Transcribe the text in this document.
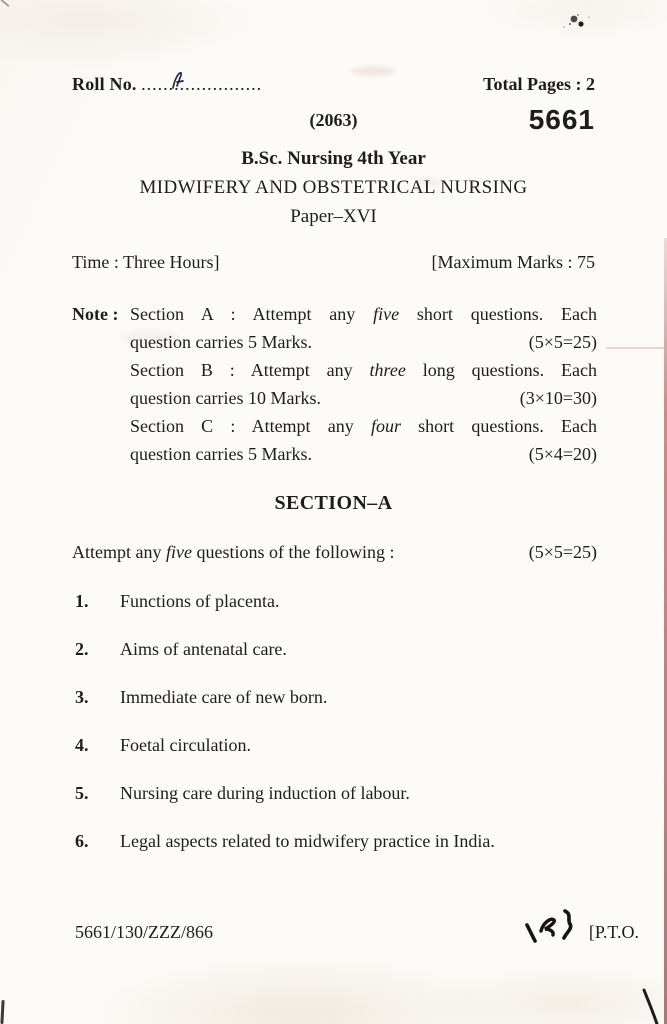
Roll No. ......................	Total Pages : 2
(2063)	5661
B.Sc. Nursing 4th Year
MIDWIFERY AND OBSTETRICAL NURSING
Paper–XVI
Time : Three Hours]	[Maximum Marks : 75
Note : Section A : Attempt any five short questions. Each
question carries 5 Marks.	(5×5=25)
Section B : Attempt any three long questions. Each
question carries 10 Marks.	(3×10=30)
Section C : Attempt any four short questions. Each
question carries 5 Marks.	(5×4=20)
SECTION–A
Attempt any five questions of the following :	(5×5=25)
1.	Functions of placenta.
2.	Aims of antenatal care.
3.	Immediate care of new born.
4.	Foetal circulation.
5.	Nursing care during induction of labour.
6.	Legal aspects related to midwifery practice in India.
5661/130/ZZZ/866	[P.T.O.
